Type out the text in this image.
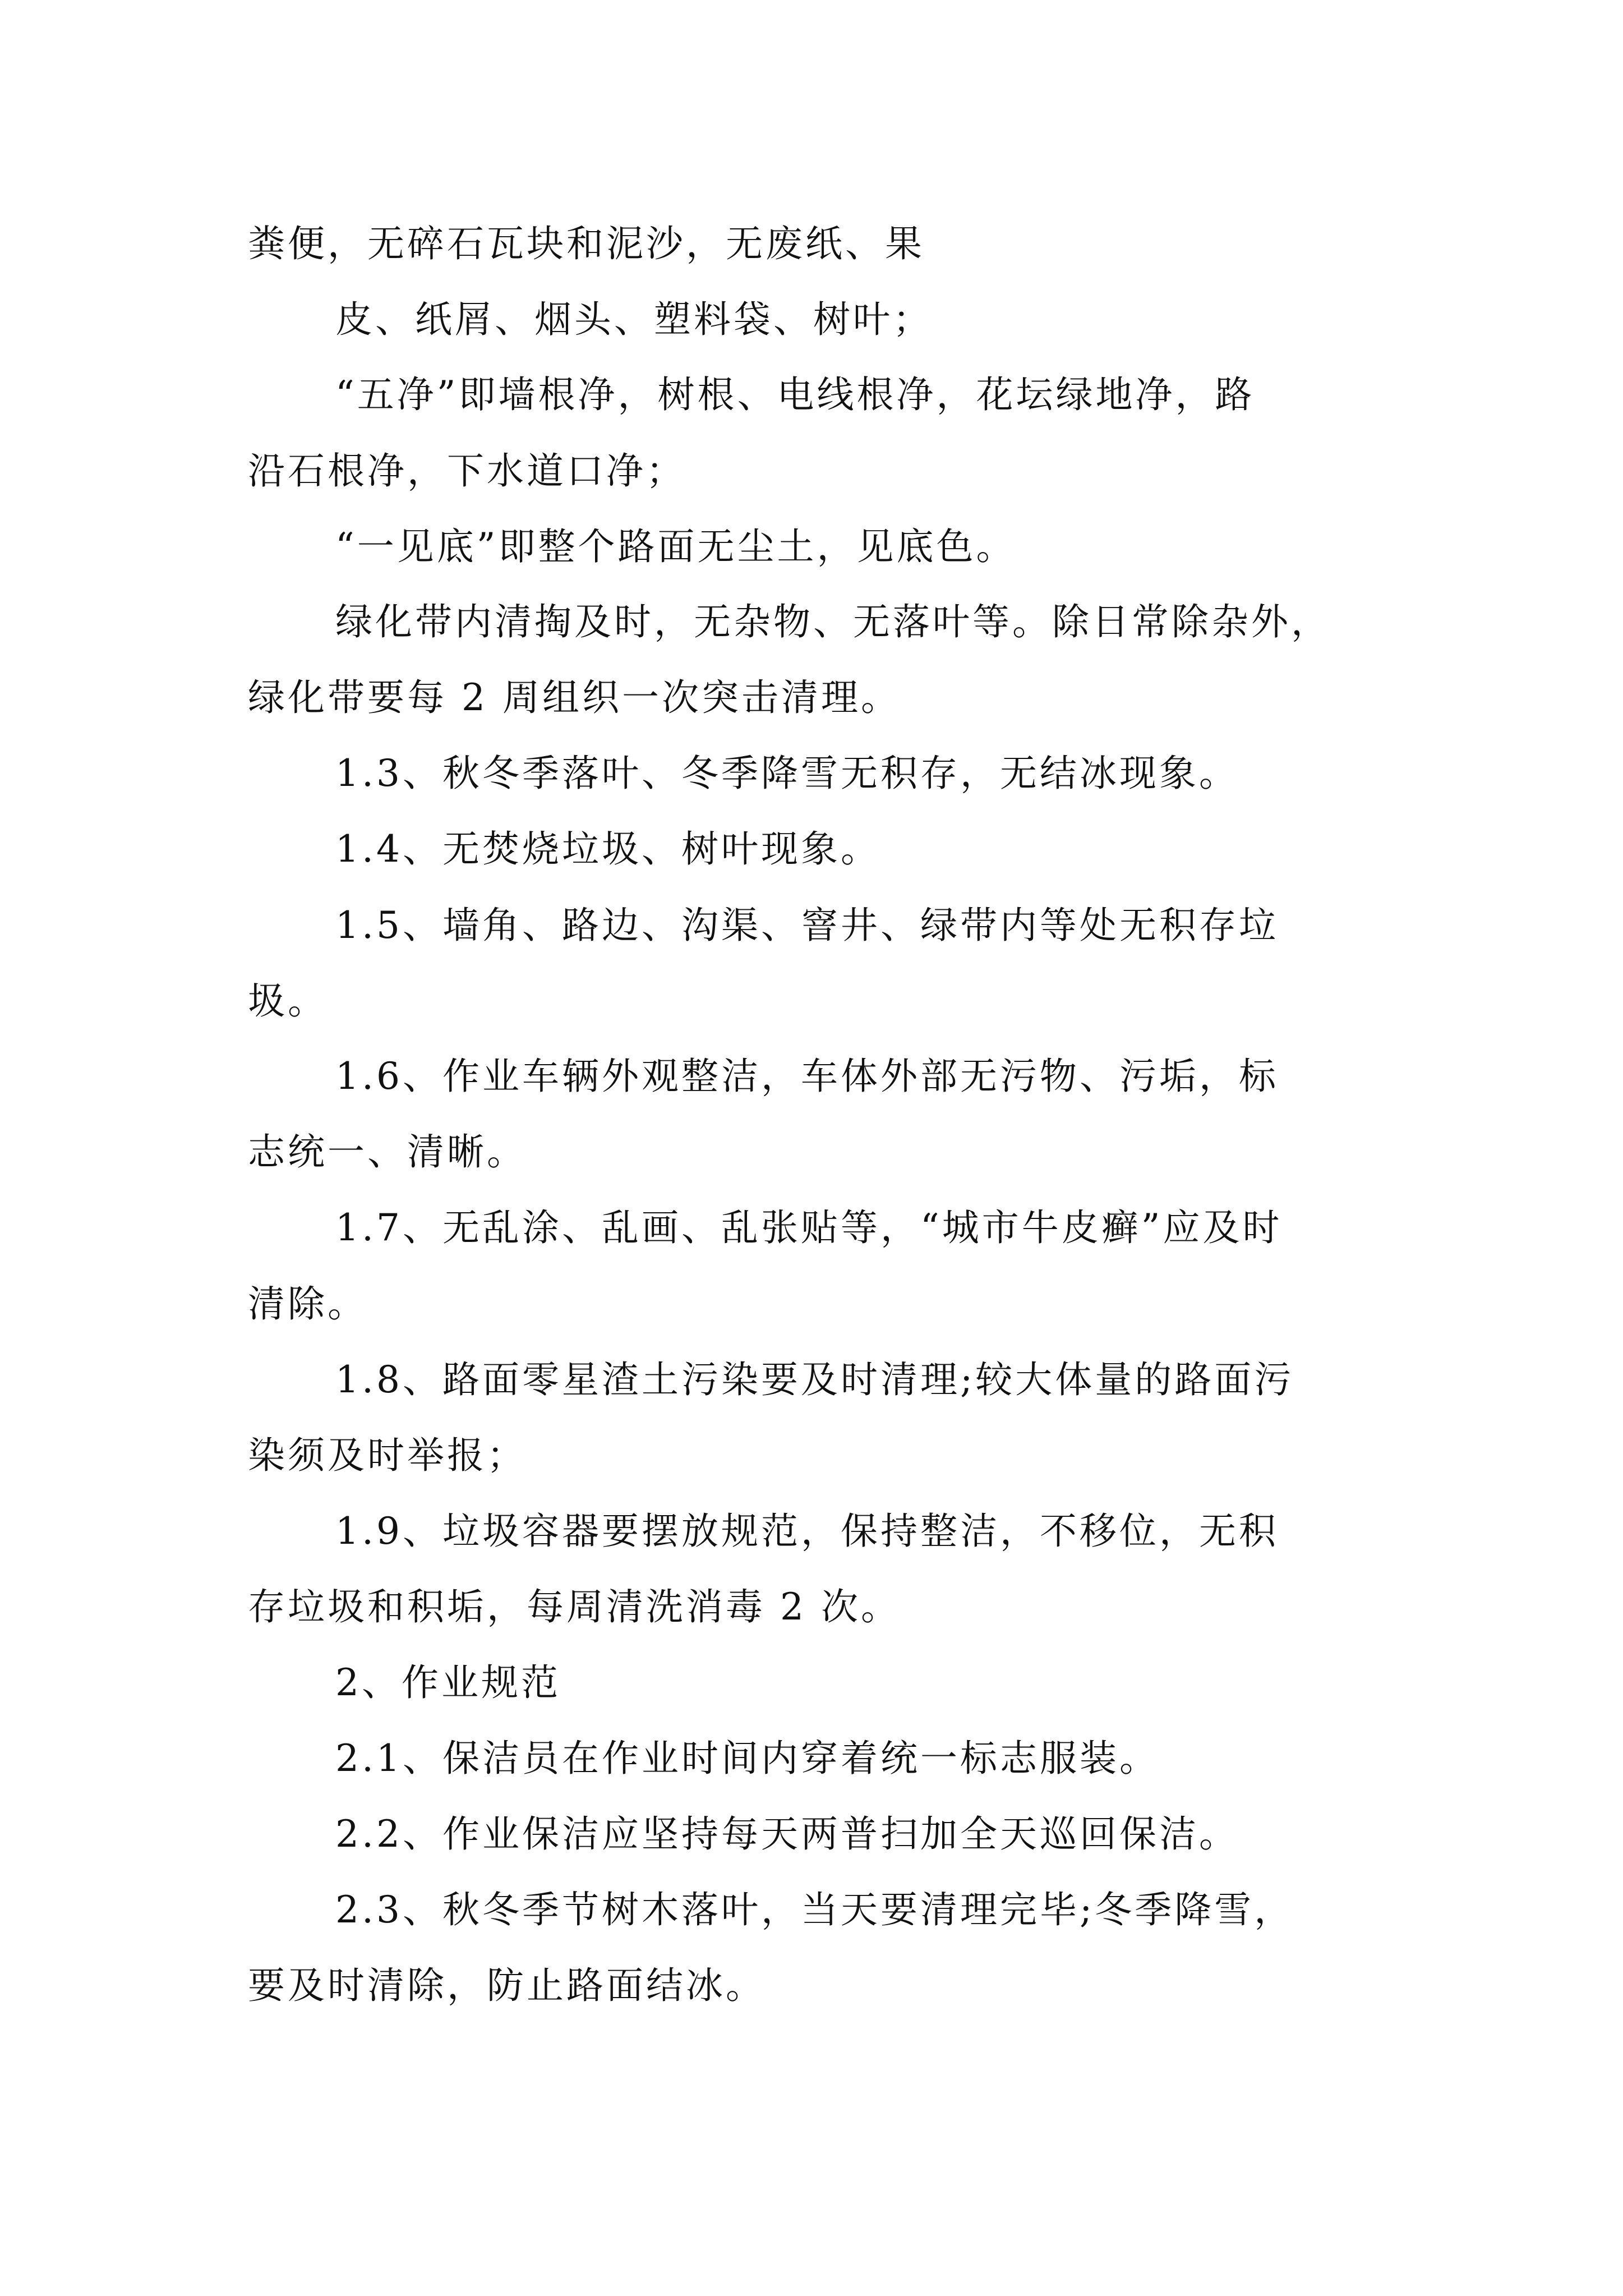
粪便，无碎石瓦块和泥沙，无废纸、果
皮、纸屑、烟头、塑料袋、树叶；
“五净”即墙根净，树根、电线根净，花坛绿地净，路
沿石根净，下水道口净；
“一见底”即整个路面无尘土，见底色。
绿化带内清掏及时，无杂物、无落叶等。除日常除杂外，
绿化带要每 2 周组织一次突击清理。
1.3、秋冬季落叶、冬季降雪无积存，无结冰现象。
1.4、无焚烧垃圾、树叶现象。
1.5、墙角、路边、沟渠、窨井、绿带内等处无积存垃
圾。
1.6、作业车辆外观整洁，车体外部无污物、污垢，标
志统一、清晰。
1.7、无乱涂、乱画、乱张贴等，“城市牛皮癣”应及时
清除。
1.8、路面零星渣土污染要及时清理;较大体量的路面污
染须及时举报；
1.9、垃圾容器要摆放规范，保持整洁，不移位，无积
存垃圾和积垢，每周清洗消毒 2 次。
2、作业规范
2.1、保洁员在作业时间内穿着统一标志服装。
2.2、作业保洁应坚持每天两普扫加全天巡回保洁。
2.3、秋冬季节树木落叶，当天要清理完毕;冬季降雪，
要及时清除，防止路面结冰。
